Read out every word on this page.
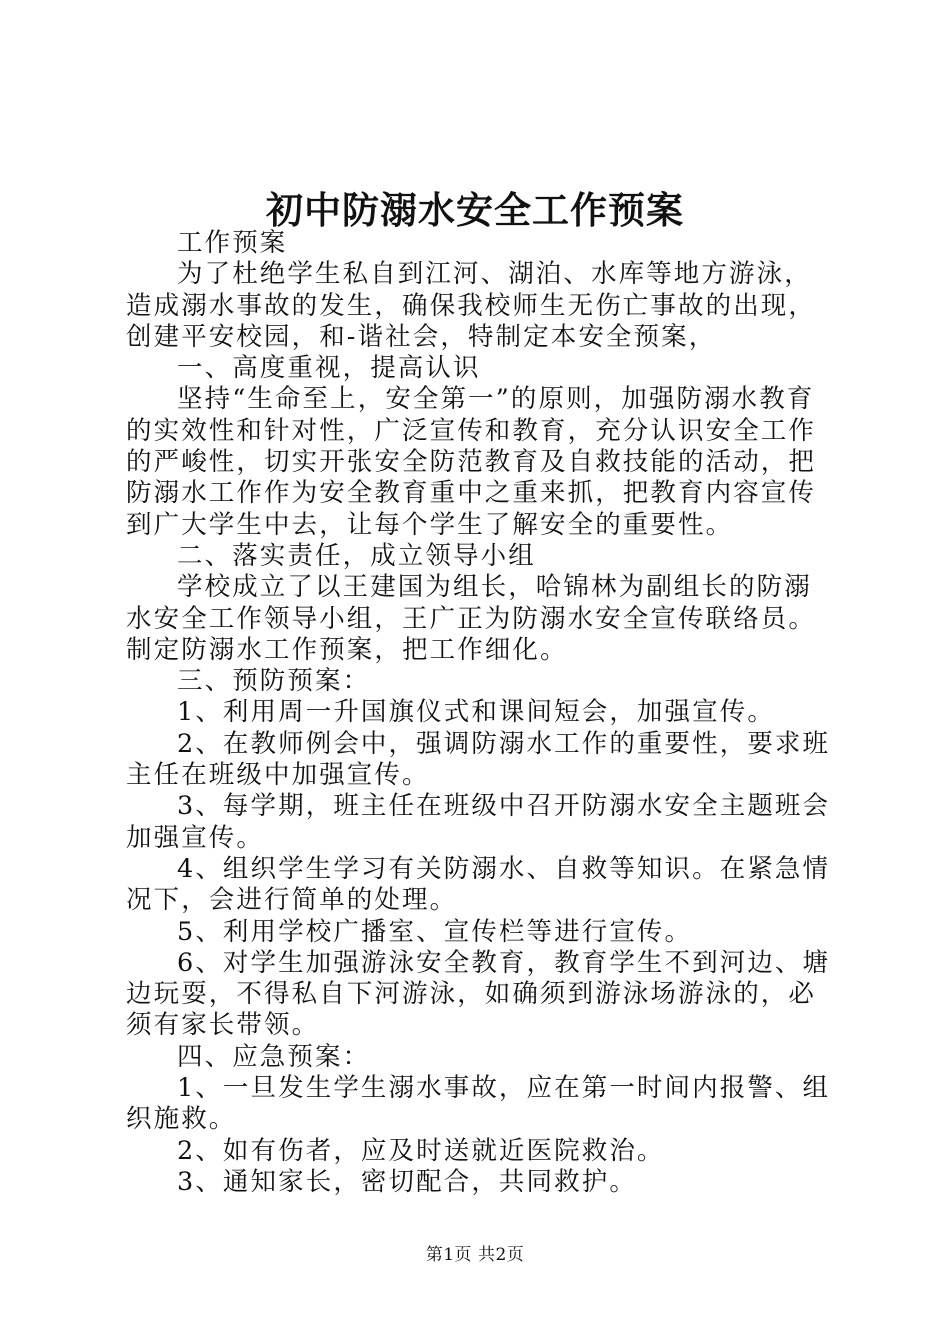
初中防溺水安全工作预案

工作预案

为了杜绝学生私自到江河、湖泊、水库等地方游泳，造成溺水事故的发生，确保我校师生无伤亡事故的出现，创建平安校园，和-谐社会，特制定本安全预案，

一、高度重视，提高认识

坚持“生命至上，安全第一”的原则，加强防溺水教育的实效性和针对性，广泛宣传和教育，充分认识安全工作的严峻性，切实开张安全防范教育及自救技能的活动，把防溺水工作作为安全教育重中之重来抓，把教育内容宣传到广大学生中去，让每个学生了解安全的重要性。

二、落实责任，成立领导小组

学校成立了以王建国为组长，哈锦林为副组长的防溺水安全工作领导小组，王广正为防溺水安全宣传联络员。制定防溺水工作预案，把工作细化。

三、预防预案：

1、利用周一升国旗仪式和课间短会，加强宣传。

2、在教师例会中，强调防溺水工作的重要性，要求班主任在班级中加强宣传。

3、每学期，班主任在班级中召开防溺水安全主题班会加强宣传。

4、组织学生学习有关防溺水、自救等知识。在紧急情况下，会进行简单的处理。

5、利用学校广播室、宣传栏等进行宣传。

6、对学生加强游泳安全教育，教育学生不到河边、塘边玩耍，不得私自下河游泳，如确须到游泳场游泳的，必须有家长带领。

四、应急预案：

1、一旦发生学生溺水事故，应在第一时间内报警、组织施救。

2、如有伤者，应及时送就近医院救治。

3、通知家长，密切配合，共同救护。

第1页 共2页
